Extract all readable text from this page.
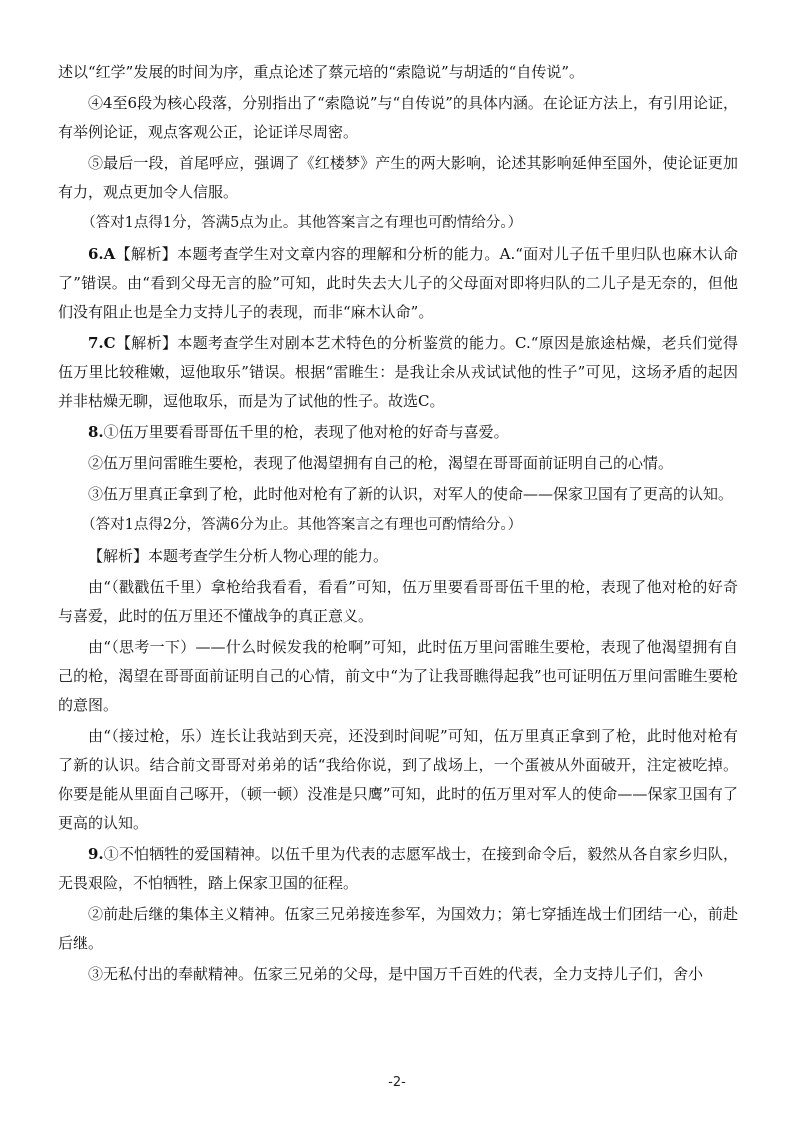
述以“红学”发展的时间为序，重点论述了蔡元培的“索隐说”与胡适的“自传说”。

④4至6段为核心段落，分别指出了“索隐说”与“自传说”的具体内涵。在论证方法上，有引用论证，有举例论证，观点客观公正，论证详尽周密。

⑤最后一段，首尾呼应，强调了《红楼梦》产生的两大影响，论述其影响延伸至国外，使论证更加有力，观点更加令人信服。

（答对1点得1分，答满5点为止。其他答案言之有理也可酌情给分。）

6.A【解析】本题考查学生对文章内容的理解和分析的能力。A.“面对儿子伍千里归队也麻木认命了”错误。由“看到父母无言的脸”可知，此时失去大儿子的父母面对即将归队的二儿子是无奈的，但他们没有阻止也是全力支持儿子的表现，而非“麻木认命”。

7.C【解析】本题考查学生对剧本艺术特色的分析鉴赏的能力。C.“原因是旅途枯燥，老兵们觉得伍万里比较稚嫩，逗他取乐”错误。根据“雷睢生：是我让余从戎试试他的性子”可见，这场矛盾的起因并非枯燥无聊，逗他取乐，而是为了试他的性子。故选C。

8.①伍万里要看哥哥伍千里的枪，表现了他对枪的好奇与喜爱。

②伍万里问雷睢生要枪，表现了他渴望拥有自己的枪，渴望在哥哥面前证明自己的心情。

③伍万里真正拿到了枪，此时他对枪有了新的认识，对军人的使命——保家卫国有了更高的认知。

（答对1点得2分，答满6分为止。其他答案言之有理也可酌情给分。）

【解析】本题考查学生分析人物心理的能力。

由“（戳戳伍千里）拿枪给我看看，看看”可知，伍万里要看哥哥伍千里的枪，表现了他对枪的好奇与喜爱，此时的伍万里还不懂战争的真正意义。

由“（思考一下）——什么时候发我的枪啊”可知，此时伍万里问雷睢生要枪，表现了他渴望拥有自己的枪，渴望在哥哥面前证明自己的心情，前文中“为了让我哥瞧得起我”也可证明伍万里问雷睢生要枪的意图。

由“（接过枪，乐）连长让我站到天亮，还没到时间呢”可知，伍万里真正拿到了枪，此时他对枪有了新的认识。结合前文哥哥对弟弟的话“我给你说，到了战场上，一个蛋被从外面破开，注定被吃掉。你要是能从里面自己啄开，（顿一顿）没准是只鹰”可知，此时的伍万里对军人的使命——保家卫国有了更高的认知。

9.①不怕牺牲的爱国精神。以伍千里为代表的志愿军战士，在接到命令后，毅然从各自家乡归队，无畏艰险，不怕牺牲，踏上保家卫国的征程。

②前赴后继的集体主义精神。伍家三兄弟接连参军，为国效力；第七穿插连战士们团结一心，前赴后继。

③无私付出的奉献精神。伍家三兄弟的父母，是中国万千百姓的代表，全力支持儿子们，舍小

-2-
